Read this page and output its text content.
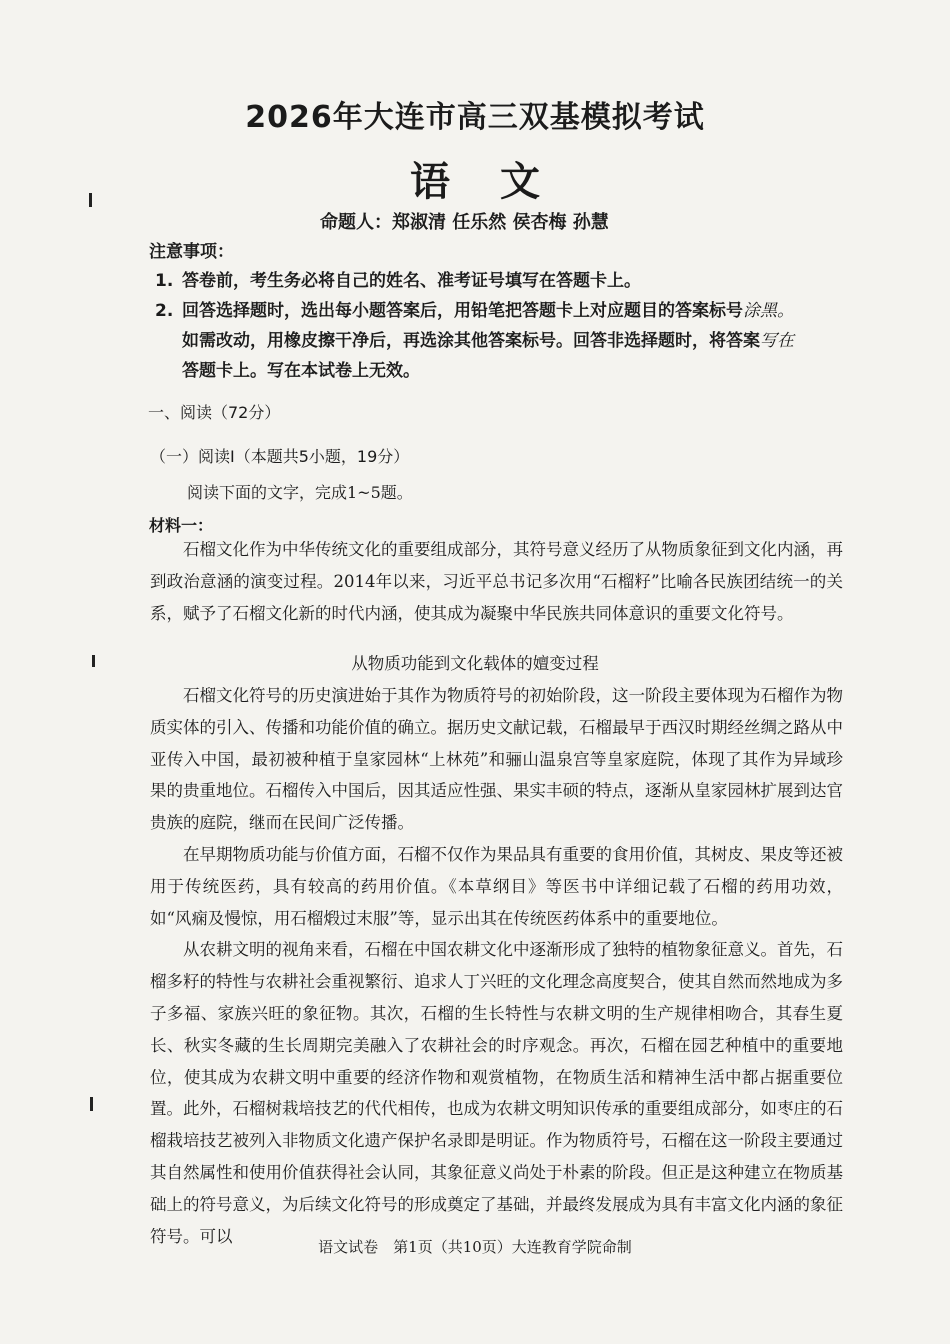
2026年大连市高三双基模拟考试
语 文
命题人：郑淑清 任乐然 侯杏梅 孙慧
注意事项：
1. 答卷前，考生务必将自己的姓名、准考证号填写在答题卡上。
2. 回答选择题时，选出每小题答案后，用铅笔把答题卡上对应题目的答案标号涂黑。
如需改动，用橡皮擦干净后，再选涂其他答案标号。回答非选择题时，将答案写在
答题卡上。写在本试卷上无效。
一、阅读（72分）
（一）阅读Ⅰ（本题共5小题，19分）
阅读下面的文字，完成1~5题。
材料一：

石榴文化作为中华传统文化的重要组成部分，其符号意义经历了从物质象征到文化内涵，再到政治意涵的演变过程。2014年以来，习近平总书记多次用“石榴籽”比喻各民族团结统一的关系，赋予了石榴文化新的时代内涵，使其成为凝聚中华民族共同体意识的重要文化符号。

从物质功能到文化载体的嬗变过程

石榴文化符号的历史演进始于其作为物质符号的初始阶段，这一阶段主要体现为石榴作为物质实体的引入、传播和功能价值的确立。据历史文献记载，石榴最早于西汉时期经丝绸之路从中亚传入中国，最初被种植于皇家园林“上林苑”和骊山温泉宫等皇家庭院，体现了其作为异域珍果的贵重地位。石榴传入中国后，因其适应性强、果实丰硕的特点，逐渐从皇家园林扩展到达官贵族的庭院，继而在民间广泛传播。

在早期物质功能与价值方面，石榴不仅作为果品具有重要的食用价值，其树皮、果皮等还被用于传统医药，具有较高的药用价值。《本草纲目》等医书中详细记载了石榴的药用功效，如“风痫及慢惊，用石榴煅过末服”等，显示出其在传统医药体系中的重要地位。

从农耕文明的视角来看，石榴在中国农耕文化中逐渐形成了独特的植物象征意义。首先，石榴多籽的特性与农耕社会重视繁衍、追求人丁兴旺的文化理念高度契合，使其自然而然地成为多子多福、家族兴旺的象征物。其次，石榴的生长特性与农耕文明的生产规律相吻合，其春生夏长、秋实冬藏的生长周期完美融入了农耕社会的时序观念。再次，石榴在园艺种植中的重要地位，使其成为农耕文明中重要的经济作物和观赏植物，在物质生活和精神生活中都占据重要位置。此外，石榴树栽培技艺的代代相传，也成为农耕文明知识传承的重要组成部分，如枣庄的石榴栽培技艺被列入非物质文化遗产保护名录即是明证。作为物质符号，石榴在这一阶段主要通过其自然属性和使用价值获得社会认同，其象征意义尚处于朴素的阶段。但正是这种建立在物质基础上的符号意义，为后续文化符号的形成奠定了基础，并最终发展成为具有丰富文化内涵的象征符号。可以

语文试卷　第1页（共10页）大连教育学院命制
